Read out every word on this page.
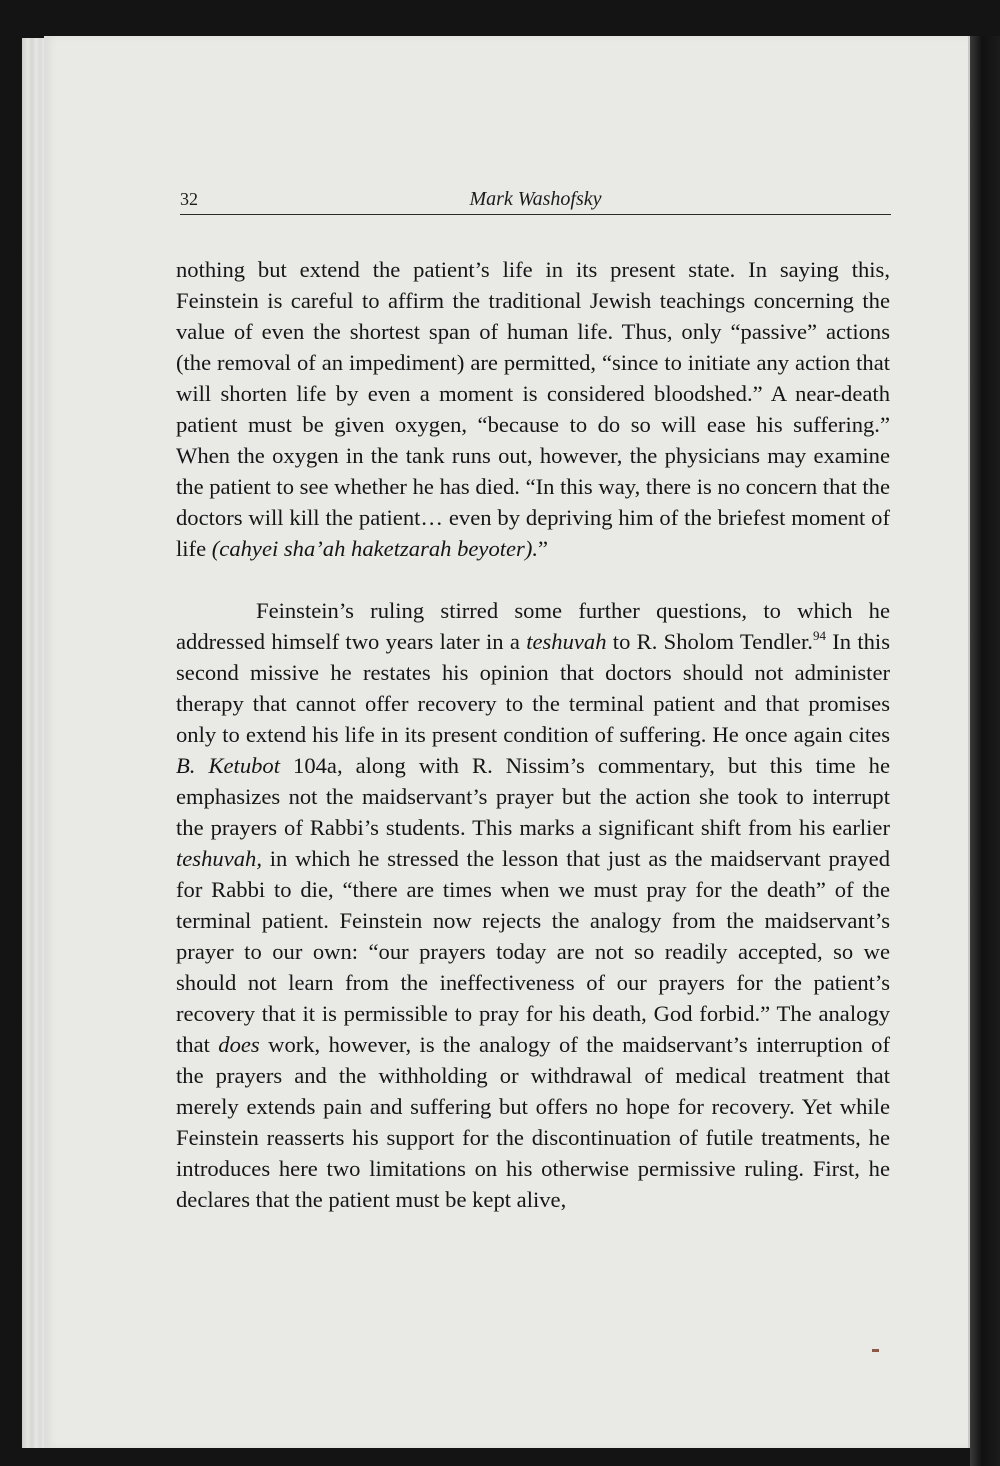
32	Mark Washofsky

nothing but extend the patient’s life in its present state. In saying this, Feinstein is careful to affirm the traditional Jewish teachings concerning the value of even the shortest span of human life. Thus, only “passive” actions (the removal of an impediment) are permitted, “since to initiate any action that will shorten life by even a moment is considered bloodshed.” A near-death patient must be given oxygen, “because to do so will ease his suffering.” When the oxygen in the tank runs out, however, the physicians may examine the patient to see whether he has died. “In this way, there is no concern that the doctors will kill the patient… even by depriving him of the briefest moment of life (cahyei sha’ah haketzarah beyoter).”

Feinstein’s ruling stirred some further questions, to which he addressed himself two years later in a teshuvah to R. Sholom Tendler.$^{94}$ In this second missive he restates his opinion that doctors should not administer therapy that cannot offer recovery to the terminal patient and that promises only to extend his life in its present condition of suffering. He once again cites B. Ketubot 104a, along with R. Nissim’s commentary, but this time he emphasizes not the maidservant’s prayer but the action she took to interrupt the prayers of Rabbi’s students. This marks a significant shift from his earlier teshuvah, in which he stressed the lesson that just as the maidservant prayed for Rabbi to die, “there are times when we must pray for the death” of the terminal patient. Feinstein now rejects the analogy from the maidservant’s prayer to our own: “our prayers today are not so readily accepted, so we should not learn from the ineffectiveness of our prayers for the patient’s recovery that it is permissible to pray for his death, God forbid.” The analogy that does work, however, is the analogy of the maidservant’s interruption of the prayers and the withholding or withdrawal of medical treatment that merely extends pain and suffering but offers no hope for recovery. Yet while Feinstein reasserts his support for the discontinuation of futile treatments, he introduces here two limitations on his otherwise permissive ruling. First, he declares that the patient must be kept alive,
